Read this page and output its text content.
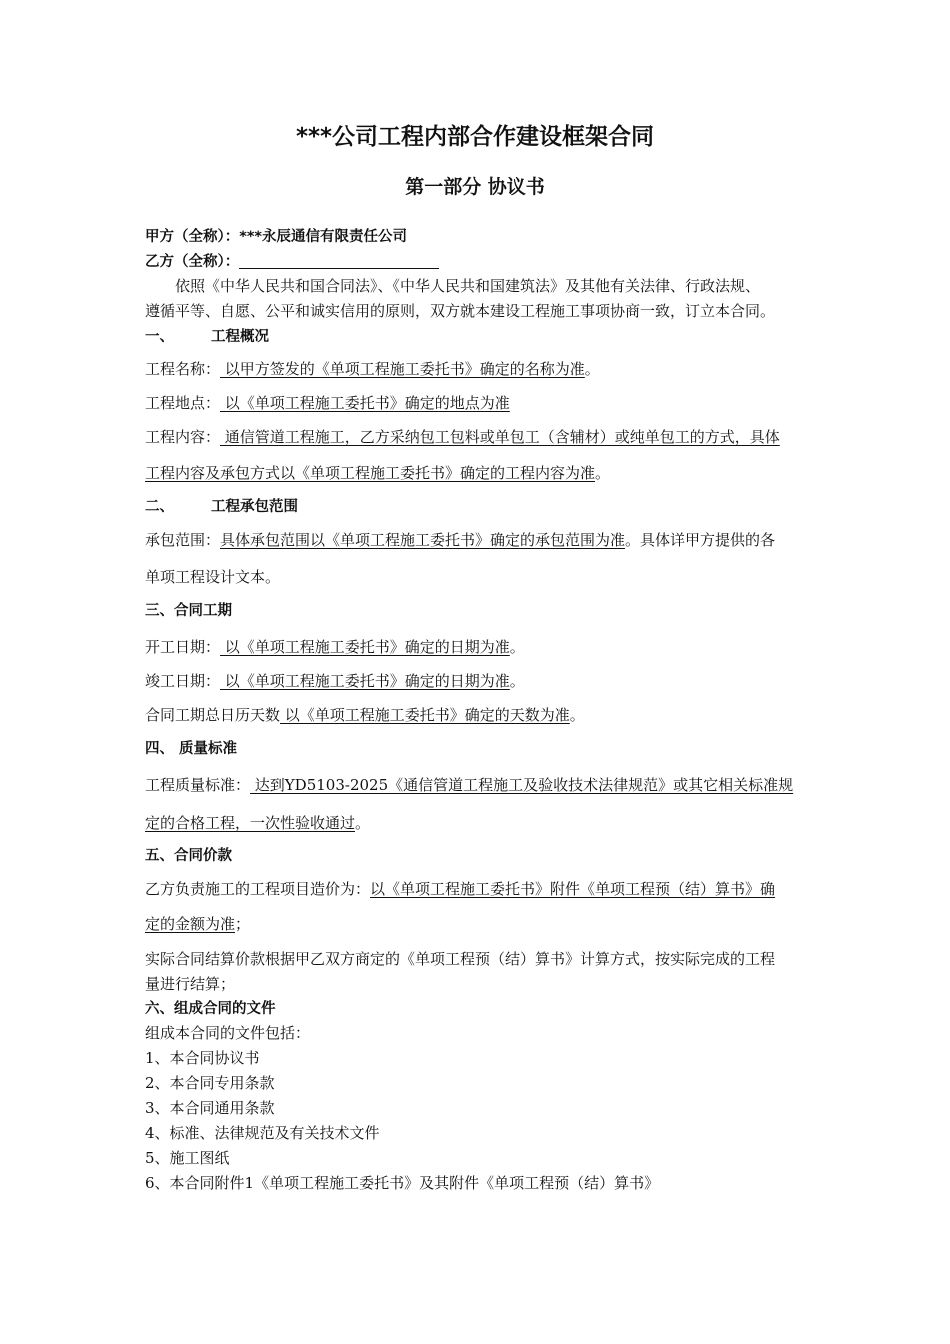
***公司工程内部合作建设框架合同
第一部分 协议书
甲方（全称）：***永辰通信有限责任公司
乙方（全称）：
依照《中华人民共和国合同法》、《中华人民共和国建筑法》及其他有关法律、行政法规、
遵循平等、自愿、公平和诚实信用的原则，双方就本建设工程施工事项协商一致，订立本合同。
一、	工程概况
工程名称： 以甲方签发的《单项工程施工委托书》确定的名称为准。
工程地点： 以《单项工程施工委托书》确定的地点为准
工程内容： 通信管道工程施工，乙方采纳包工包料或单包工（含辅材）或纯单包工的方式，具体
工程内容及承包方式以《单项工程施工委托书》确定的工程内容为准。
二、	工程承包范围
承包范围：具体承包范围以《单项工程施工委托书》确定的承包范围为准。具体详甲方提供的各
单项工程设计文本。
三、合同工期
开工日期： 以《单项工程施工委托书》确定的日期为准。
竣工日期： 以《单项工程施工委托书》确定的日期为准。
合同工期总日历天数 以《单项工程施工委托书》确定的天数为准。
四、 质量标准
工程质量标准： 达到YD5103-2025《通信管道工程施工及验收技术法律规范》或其它相关标准规
定的合格工程，一次性验收通过。
五、合同价款
乙方负责施工的工程项目造价为：以《单项工程施工委托书》附件《单项工程预（结）算书》确
定的金额为准；
实际合同结算价款根据甲乙双方商定的《单项工程预（结）算书》计算方式，按实际完成的工程
量进行结算；
六、组成合同的文件
组成本合同的文件包括：
1、本合同协议书
2、本合同专用条款
3、本合同通用条款
4、标准、法律规范及有关技术文件
5、施工图纸
6、本合同附件1《单项工程施工委托书》及其附件《单项工程预（结）算书》
